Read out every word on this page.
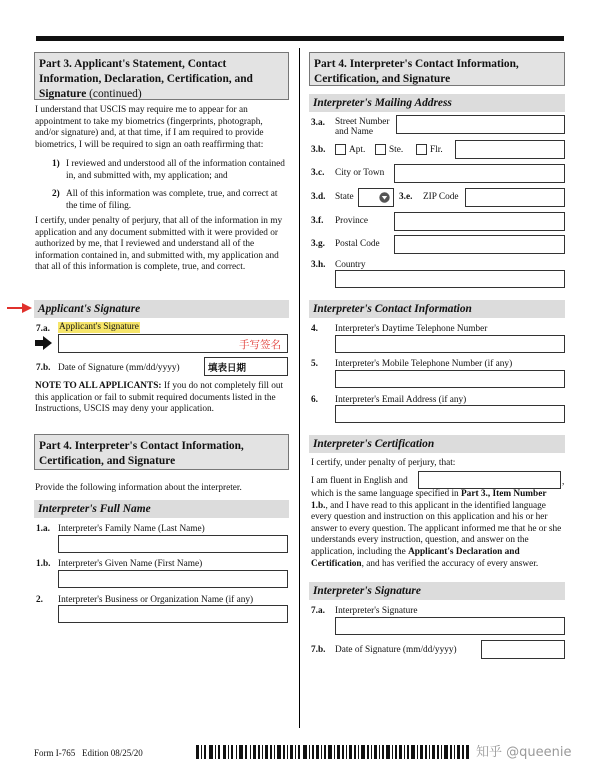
Part 3. Applicant's Statement, Contact Information, Declaration, Certification, and Signature (continued)
I understand that USCIS may require me to appear for an appointment to take my biometrics (fingerprints, photograph, and/or signature) and, at that time, if I am required to provide biometrics, I will be required to sign an oath reaffirming that:
1) I reviewed and understood all of the information contained in, and submitted with, my application; and
2) All of this information was complete, true, and correct at the time of filing.
I certify, under penalty of perjury, that all of the information in my application and any document submitted with it were provided or authorized by me, that I reviewed and understand all of the information contained in, and submitted with, my application and that all of this information is complete, true, and correct.
Applicant's Signature
7.a. Applicant's Signature
手写签名
7.b. Date of Signature (mm/dd/yyyy)	填表日期
NOTE TO ALL APPLICANTS: If you do not completely fill out this application or fail to submit required documents listed in the Instructions, USCIS may deny your application.
Part 4. Interpreter's Contact Information, Certification, and Signature
Provide the following information about the interpreter.
Interpreter's Full Name
1.a. Interpreter's Family Name (Last Name)
1.b. Interpreter's Given Name (First Name)
2. Interpreter's Business or Organization Name (if any)
Part 4. Interpreter's Contact Information, Certification, and Signature
Interpreter's Mailing Address
3.a. Street Number
and Name
3.b.	Apt.	Ste.	Flr.
3.c. City or Town
3.d. State	3.e. ZIP Code
3.f. Province
3.g. Postal Code
3.h. Country
Interpreter's Contact Information
4. Interpreter's Daytime Telephone Number
5. Interpreter's Mobile Telephone Number (if any)
6. Interpreter's Email Address (if any)
Interpreter's Certification
I certify, under penalty of perjury, that:
I am fluent in English and	,
which is the same language specified in Part 3., Item Number 1.b., and I have read to this applicant in the identified language every question and instruction on this application and his or her answer to every question. The applicant informed me that he or she understands every instruction, question, and answer on the application, including the Applicant's Declaration and Certification, and has verified the accuracy of every answer.
Interpreter's Signature
7.a. Interpreter's Signature
7.b. Date of Signature (mm/dd/yyyy)
Form I-765 Edition 08/25/20	知乎 @queenie
